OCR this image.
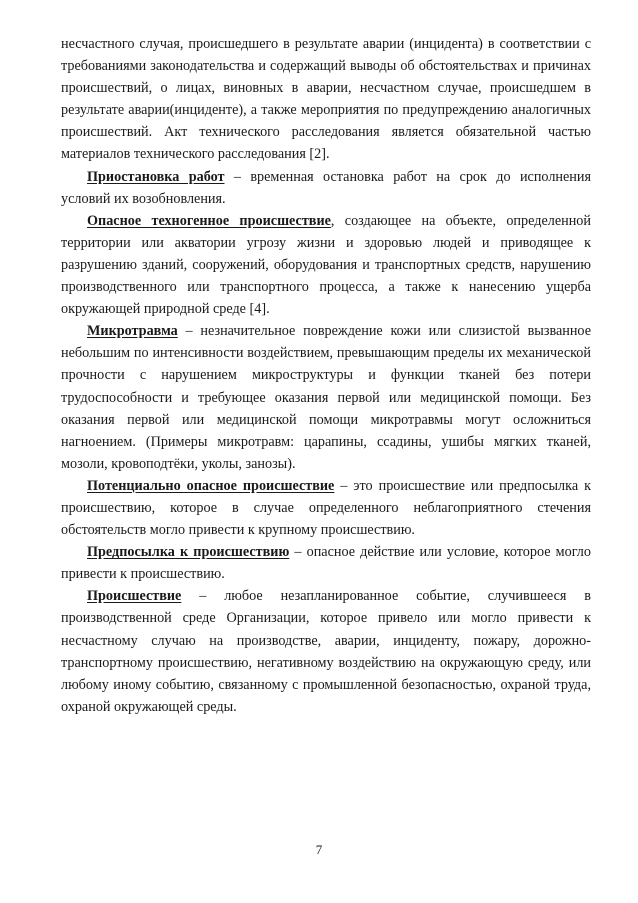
несчастного случая, происшедшего в результате аварии (инцидента) в соответствии с требованиями законодательства и содержащий выводы об обстоятельствах и причинах происшествий, о лицах, виновных в аварии, несчастном случае, происшедшем в результате аварии(инциденте), а также мероприятия по предупреждению аналогичных происшествий. Акт технического расследования является обязательной частью материалов технического расследования [2].

Приостановка работ – временная остановка работ на срок до исполнения условий их возобновления.

Опасное техногенное происшествие, создающее на объекте, определенной территории или акватории угрозу жизни и здоровью людей и приводящее к разрушению зданий, сооружений, оборудования и транспортных средств, нарушению производственного или транспортного процесса, а также к нанесению ущерба окружающей природной среде [4].

Микротравма – незначительное повреждение кожи или слизистой вызванное небольшим по интенсивности воздействием, превышающим пределы их механической прочности с нарушением микроструктуры и функции тканей без потери трудоспособности и требующее оказания первой или медицинской помощи. Без оказания первой или медицинской помощи микротравмы могут осложниться нагноением. (Примеры микротравм: царапины, ссадины, ушибы мягких тканей, мозоли, кровоподтёки, уколы, занозы).

Потенциально опасное происшествие – это происшествие или предпосылка к происшествию, которое в случае определенного неблагоприятного стечения обстоятельств могло привести к крупному происшествию.

Предпосылка к происшествию – опасное действие или условие, которое могло привести к происшествию.

Происшествие – любое незапланированное событие, случившееся в производственной среде Организации, которое привело или могло привести к несчастному случаю на производстве, аварии, инциденту, пожару, дорожно-транспортному происшествию, негативному воздействию на окружающую среду, или любому иному событию, связанному с промышленной безопасностью, охраной труда, охраной окружающей среды.

7
